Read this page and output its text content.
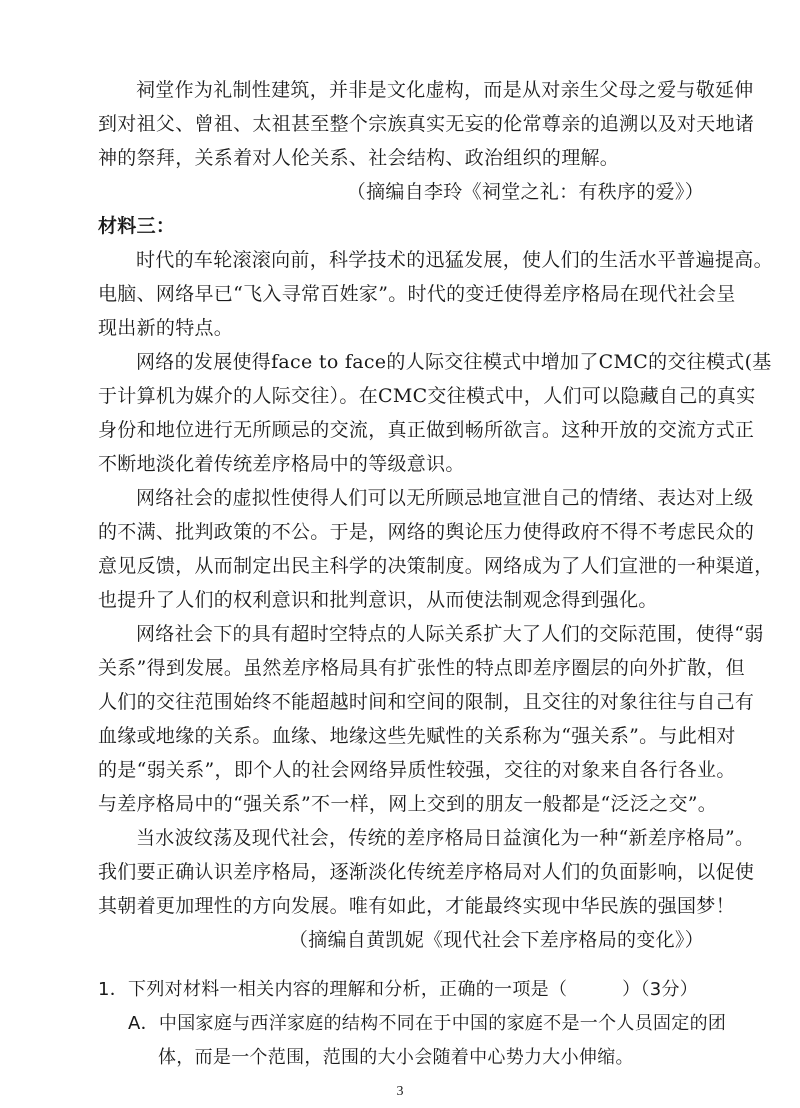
祠堂作为礼制性建筑，并非是文化虚构，而是从对亲生父母之爱与敬延伸
到对祖父、曾祖、太祖甚至整个宗族真实无妄的伦常尊亲的追溯以及对天地诸
神的祭拜，关系着对人伦关系、社会结构、政治组织的理解。
（摘编自李玲《祠堂之礼：有秩序的爱》）
材料三：
时代的车轮滚滚向前，科学技术的迅猛发展，使人们的生活水平普遍提高。
电脑、网络早已“飞入寻常百姓家”。时代的变迁使得差序格局在现代社会呈
现出新的特点。
网络的发展使得face to face的人际交往模式中增加了CMC的交往模式(基
于计算机为媒介的人际交往）。在CMC交往模式中，人们可以隐藏自己的真实
身份和地位进行无所顾忌的交流，真正做到畅所欲言。这种开放的交流方式正
不断地淡化着传统差序格局中的等级意识。
网络社会的虚拟性使得人们可以无所顾忌地宣泄自己的情绪、表达对上级
的不满、批判政策的不公。于是，网络的舆论压力使得政府不得不考虑民众的
意见反馈，从而制定出民主科学的决策制度。网络成为了人们宣泄的一种渠道，
也提升了人们的权利意识和批判意识，从而使法制观念得到强化。
网络社会下的具有超时空特点的人际关系扩大了人们的交际范围，使得“弱
关系”得到发展。虽然差序格局具有扩张性的特点即差序圈层的向外扩散，但
人们的交往范围始终不能超越时间和空间的限制，且交往的对象往往与自己有
血缘或地缘的关系。血缘、地缘这些先赋性的关系称为“强关系”。与此相对
的是“弱关系”，即个人的社会网络异质性较强，交往的对象来自各行各业。
与差序格局中的“强关系”不一样，网上交到的朋友一般都是“泛泛之交”。
当水波纹荡及现代社会，传统的差序格局日益演化为一种“新差序格局”。
我们要正确认识差序格局，逐渐淡化传统差序格局对人们的负面影响，以促使
其朝着更加理性的方向发展。唯有如此，才能最终实现中华民族的强国梦！
（摘编自黄凯妮《现代社会下差序格局的变化》）
1．下列对材料一相关内容的理解和分析，正确的一项是（　　　）（3分）
A．中国家庭与西洋家庭的结构不同在于中国的家庭不是一个人员固定的团
体，而是一个范围，范围的大小会随着中心势力大小伸缩。
3
